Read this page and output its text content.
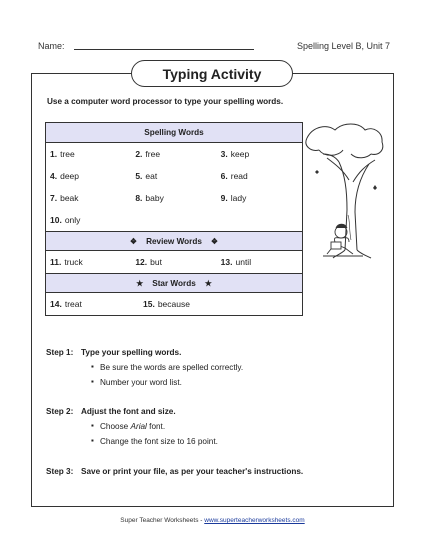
Name:	Spelling Level B, Unit 7
Typing Activity
Use a computer word processor to type your spelling words.
Spelling Words
1. tree	2. free	3. keep
4. deep	5. eat	6. read
7. beak	8. baby	9. lady
10. only
❖ Review Words ❖
11. truck	12. but	13. until
★ Star Words ★
14. treat	15. because
Step 1: Type your spelling words.
▪ Be sure the words are spelled correctly.
▪ Number your word list.
Step 2: Adjust the font and size.
▪ Choose Arial font.
▪ Change the font size to 16 point.
Step 3: Save or print your file, as per your teacher's instructions.
Super Teacher Worksheets - www.superteacherworksheets.com
